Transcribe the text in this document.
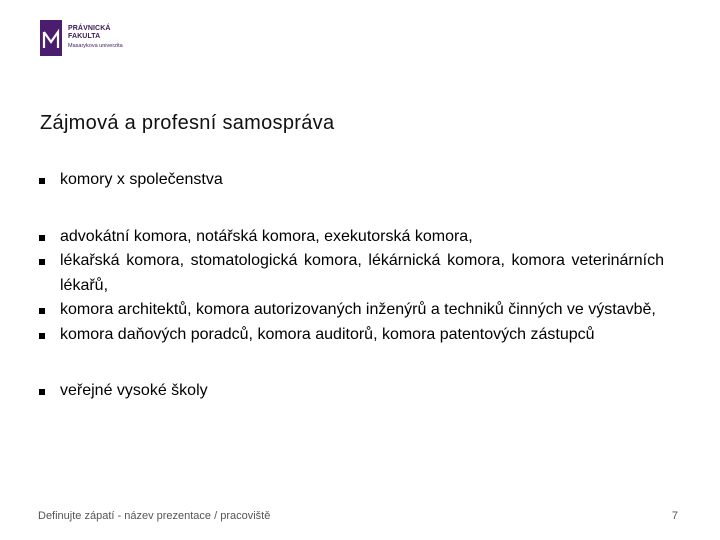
PRÁVNICKÁ
FAKULTA
Masarykova univerzita
Zájmová a profesní samospráva
komory x společenstva
advokátní komora, notářská komora, exekutorská komora,
lékařská komora, stomatologická komora, lékárnická komora, komora veterinárních lékařů,
komora architektů, komora autorizovaných inženýrů a techniků činných ve výstavbě,
komora daňových poradců, komora auditorů, komora patentových zástupců
veřejné vysoké školy
Definujte zápatí - název prezentace / pracoviště	7
